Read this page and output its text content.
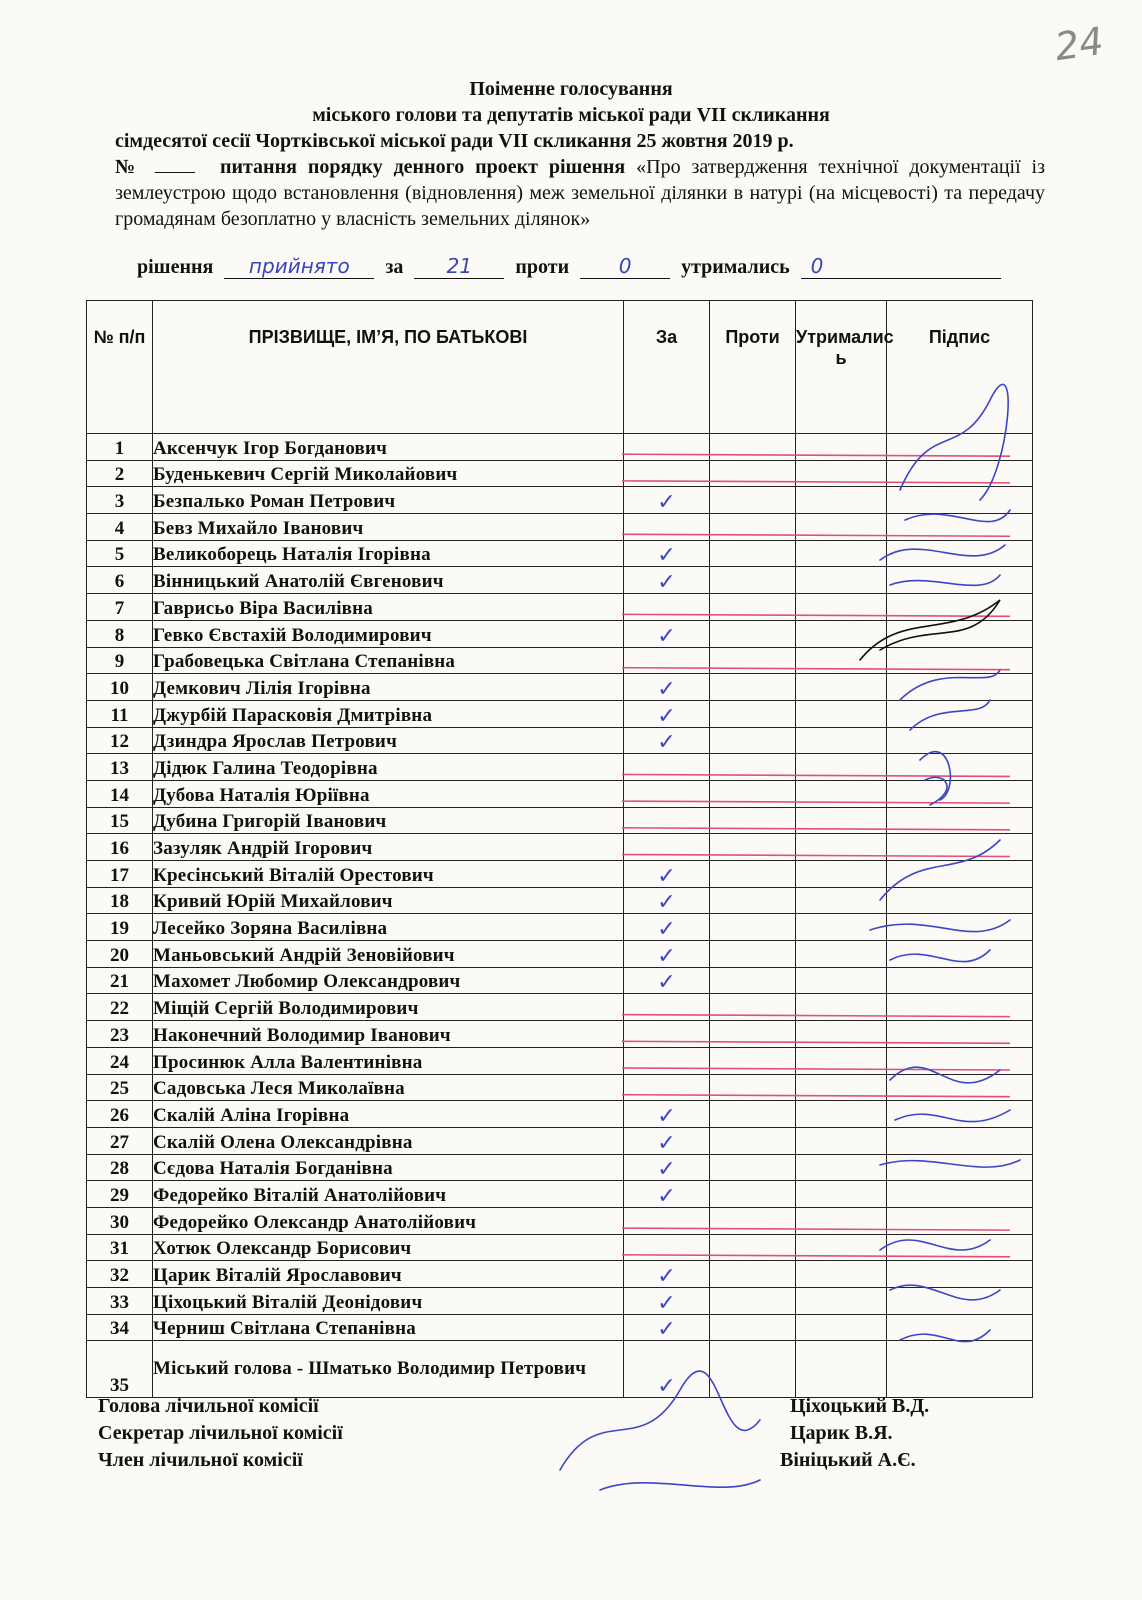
24
Поіменне голосування
міського голови та депутатів міської ради VII скликання
сімдесятої сесії Чортківської міської ради VII скликання 25 жовтня 2019 р.
№	питання порядку денного проект рішення «Про затвердження технічної документації із землеустрою щодо встановлення (відновлення) меж земельної ділянки в натурі (на місцевості) та передачу громадянам безоплатно у власність земельних ділянок»
рішення прийнято за 21 проти 0 утримались 0
№ п/п	ПРІЗВИЩЕ, ІМ’Я, ПО БАТЬКОВІ	За	Проти	Утрималис ь	Підпис
1	Аксенчук Ігор Богданович				
2	Буденькевич Сергій Миколайович				
3	Безпалько Роман Петрович	✓			

4	Бевз Михайло Іванович				
5	Великоборець Наталія Ігорівна	✓			

6	Вінницький Анатолій Євгенович	✓			

7	Гаврисьо Віра Василівна				
8	Гевко Євстахій Володимирович	✓			

9	Грабовецька Світлана Степанівна				
10	Демкович Лілія Ігорівна	✓			

11	Джурбій Парасковія Дмитрівна	✓			

12	Дзиндра Ярослав Петрович	✓			

13	Дідюк Галина Теодорівна				
14	Дубова Наталія Юріївна				
15	Дубина Григорій Іванович				
16	Зазуляк Андрій Ігорович				
17	Кресінський Віталій Орестович	✓			

18	Кривий Юрій Михайлович	✓			

19	Лесейко Зоряна Василівна	✓			

20	Маньовський Андрій Зеновійович	✓			

21	Махомет Любомир Олександрович	✓			

22	Міщій Сергій Володимирович				
23	Наконечний Володимир Іванович				
24	Просинюк Алла Валентинівна				
25	Садовська Леся Миколаївна				
26	Скалій Аліна Ігорівна	✓			

27	Скалій Олена Олександрівна	✓			

28	Сєдова Наталія Богданівна	✓			

29	Федорейко Віталій Анатолійович	✓			

30	Федорейко Олександр Анатолійович				
31	Хотюк Олександр Борисович				
32	Царик Віталій Ярославович	✓			

33	Ціхоцький Віталій Деонідович	✓			

34	Черниш Світлана Степанівна	✓			

35	Міський голова - Шматько Володимир Петрович	✓			

Голова лічильної комісії	Ціхоцький В.Д.
Секретар лічильної комісії	Царик В.Я.
Член лічильної комісії	Вініцький А.Є.
